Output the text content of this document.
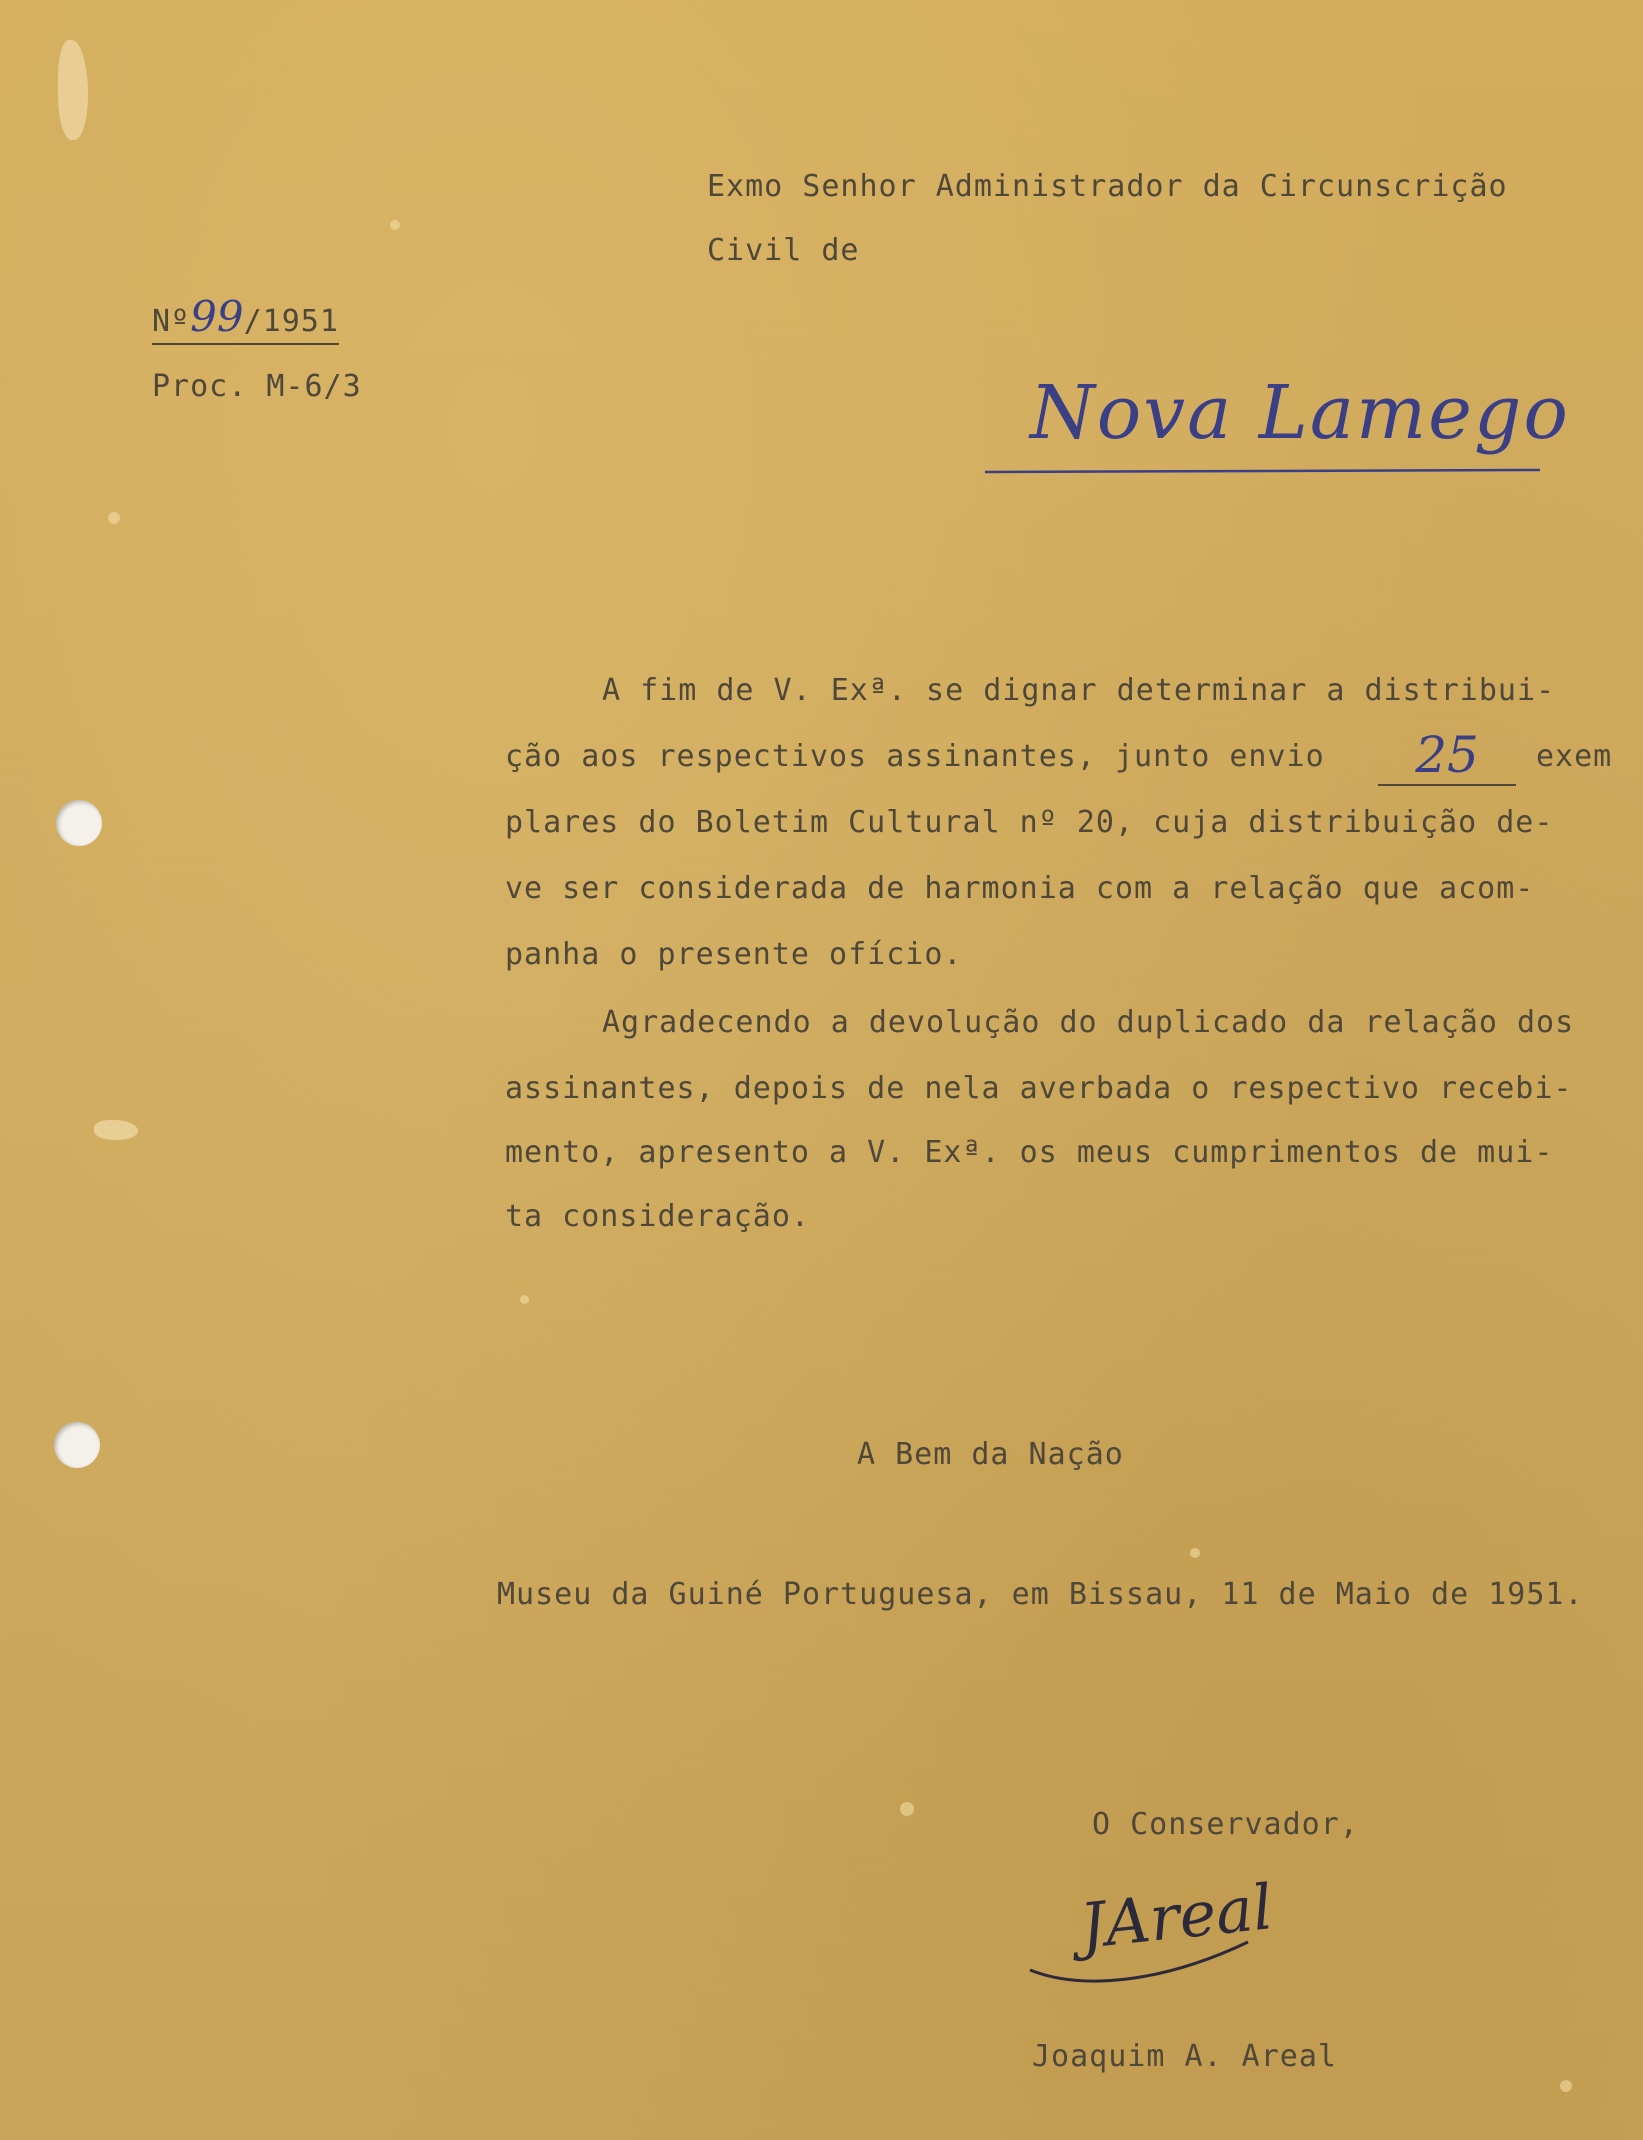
Exmo Senhor Administrador da Circunscrição
Civil de
Nova Lamego
Nº99/1951
Proc. M-6/3
A fim de V. Exª. se dignar determinar a distribui-
ção aos respectivos assinantes, junto envio	25	exem
plares do Boletim Cultural nº 20, cuja distribuição de-
ve ser considerada de harmonia com a relação que acom-
panha o presente ofício.
Agradecendo a devolução do duplicado da relação dos
assinantes, depois de nela averbada o respectivo recebi-
mento, apresento a V. Exª. os meus cumprimentos de mui-
ta consideração.
A Bem da Nação
Museu da Guiné Portuguesa, em Bissau, 11 de Maio de 1951.
O Conservador,
JAreal
Joaquim A. Areal
